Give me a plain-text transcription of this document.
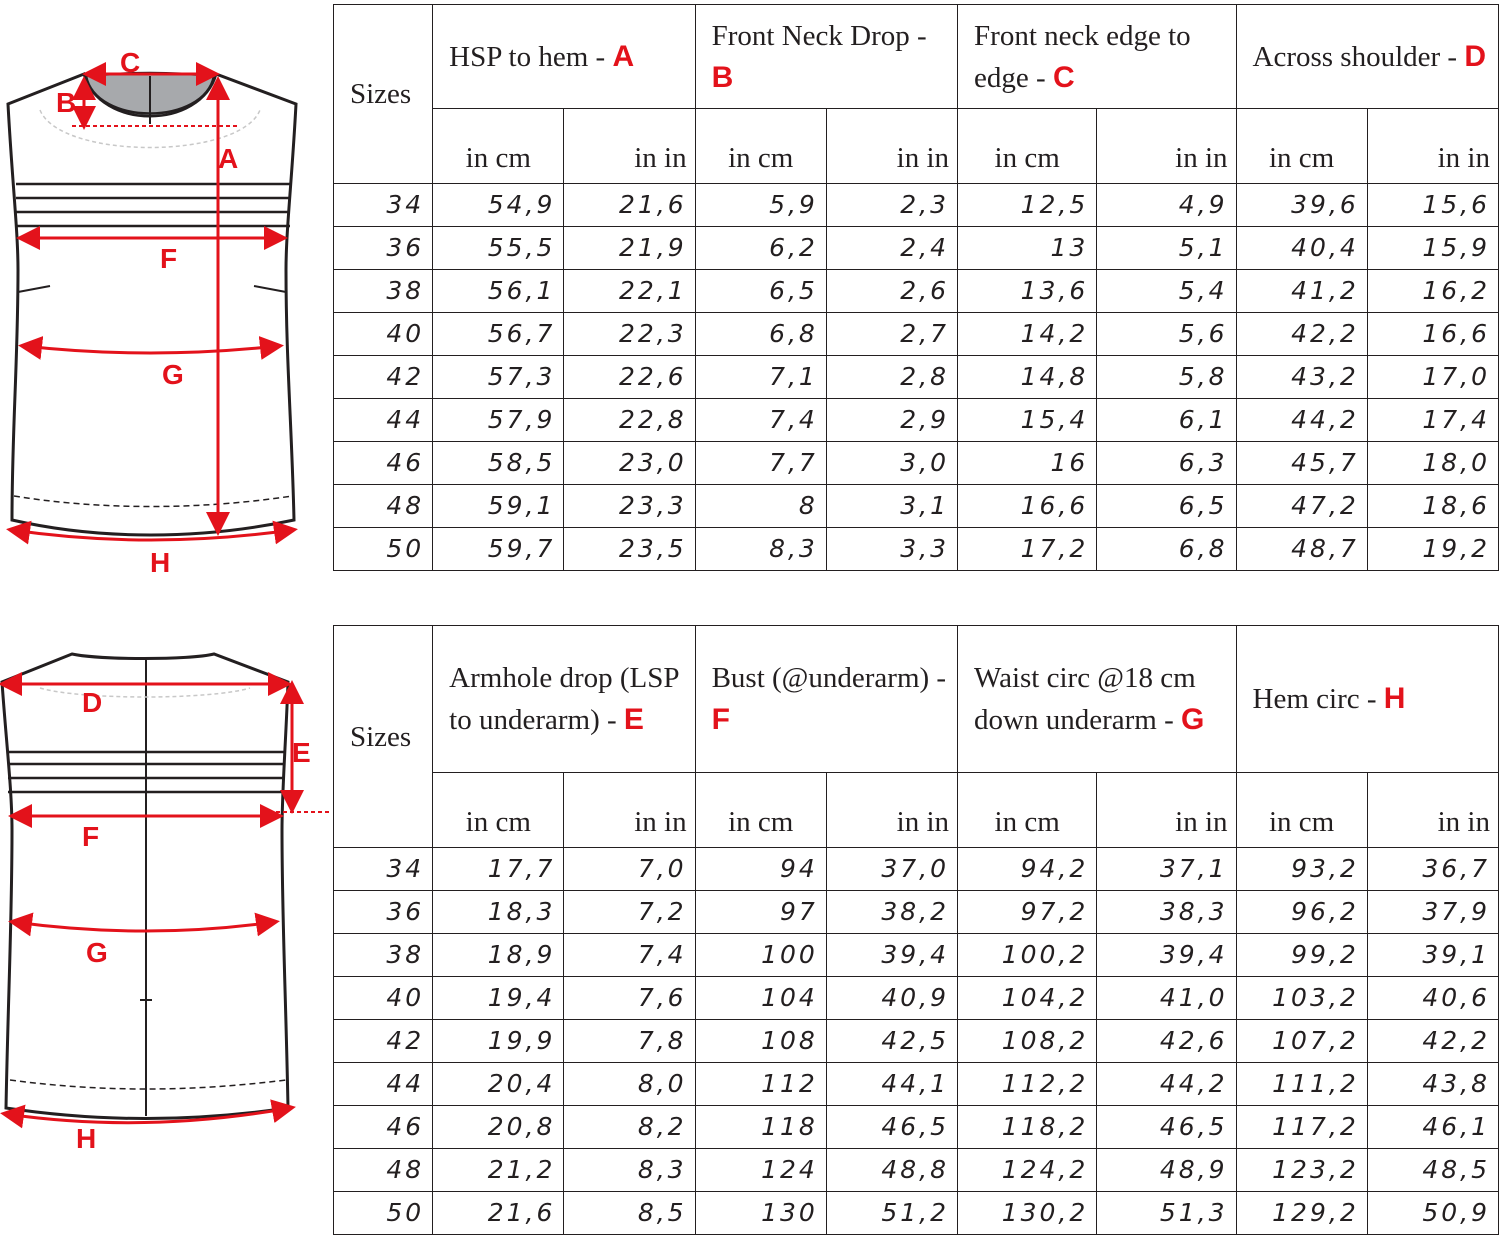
C
B
A
F
G
H
D
E
F
G
H
Sizes	HSP to hem - A		Front Neck Drop - B		Front neck edge to edge - C		Across shoulder - D	
	in cm	in in	in cm	in in	in cm	in in	in cm	in in
34	54,9	21,6	5,9	2,3	12,5	4,9	39,6	15,6
36	55,5	21,9	6,2	2,4	13	5,1	40,4	15,9
38	56,1	22,1	6,5	2,6	13,6	5,4	41,2	16,2
40	56,7	22,3	6,8	2,7	14,2	5,6	42,2	16,6
42	57,3	22,6	7,1	2,8	14,8	5,8	43,2	17,0
44	57,9	22,8	7,4	2,9	15,4	6,1	44,2	17,4
46	58,5	23,0	7,7	3,0	16	6,3	45,7	18,0
48	59,1	23,3	8	3,1	16,6	6,5	47,2	18,6
50	59,7	23,5	8,3	3,3	17,2	6,8	48,7	19,2
Sizes	Armhole drop (LSP to underarm) - E		Bust (@underarm) - F		Waist circ @18 cm down underarm - G		Hem circ - H	
	in cm	in in	in cm	in in	in cm	in in	in cm	in in
34	17,7	7,0	94	37,0	94,2	37,1	93,2	36,7
36	18,3	7,2	97	38,2	97,2	38,3	96,2	37,9
38	18,9	7,4	100	39,4	100,2	39,4	99,2	39,1
40	19,4	7,6	104	40,9	104,2	41,0	103,2	40,6
42	19,9	7,8	108	42,5	108,2	42,6	107,2	42,2
44	20,4	8,0	112	44,1	112,2	44,2	111,2	43,8
46	20,8	8,2	118	46,5	118,2	46,5	117,2	46,1
48	21,2	8,3	124	48,8	124,2	48,9	123,2	48,5
50	21,6	8,5	130	51,2	130,2	51,3	129,2	50,9
